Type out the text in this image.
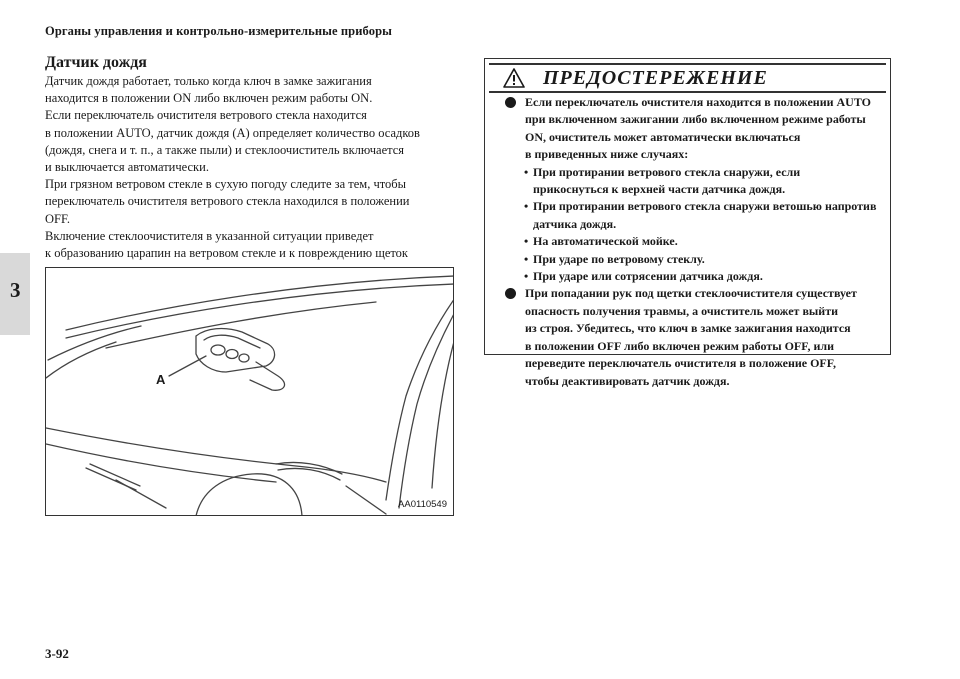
Органы управления и контрольно-измерительные приборы
3
Датчик дождя
Датчик дождя работает, только когда ключ в замке зажигания
находится в положении ON либо включен режим работы ON.
Если переключатель очистителя ветрового стекла находится
в положении AUTO, датчик дождя (A) определяет количество осадков
(дождя, снега и т. п., а также пыли) и стеклоочиститель включается
и выключается автоматически.
При грязном ветровом стекле в сухую погоду следите за тем, чтобы
переключатель очистителя ветрового стекла находился в положении
OFF.
Включение стеклоочистителя в указанной ситуации приведет
к образованию царапин на ветровом стекле и к повреждению щеток
A
AA0110549
ПРЕДОСТЕРЕЖЕНИЕ
Если переключатель очистителя находится в положении AUTO
при включенном зажигании либо включенном режиме работы
ON, очиститель может автоматически включаться
в приведенных ниже случаях:
• При протирании ветрового стекла снаружи, если
прикоснуться к верхней части датчика дождя.
• При протирании ветрового стекла снаружи ветошью напротив
датчика дождя.
• На автоматической мойке.
• При ударе по ветровому стеклу.
• При ударе или сотрясении датчика дождя.
При попадании рук под щетки стеклоочистителя существует
опасность получения травмы, а очиститель может выйти
из строя. Убедитесь, что ключ в замке зажигания находится
в положении OFF либо включен режим работы OFF, или
переведите переключатель очистителя в положение OFF,
чтобы деактивировать датчик дождя.
3-92
